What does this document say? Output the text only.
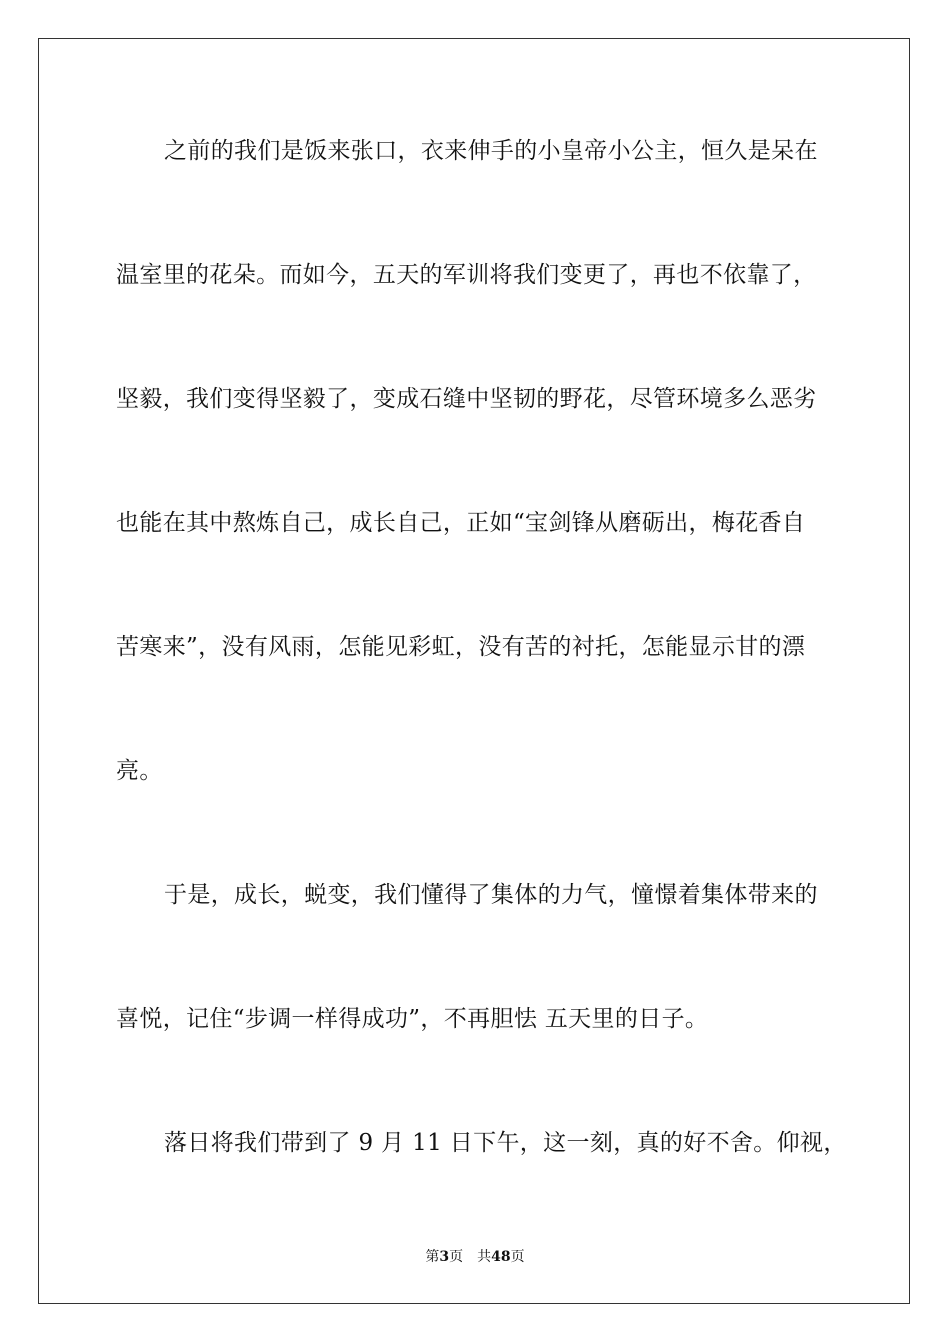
之前的我们是饭来张口，衣来伸手的小皇帝小公主，恒久是呆在
温室里的花朵。而如今，五天的军训将我们变更了，再也不依靠了，
坚毅，我们变得坚毅了，变成石缝中坚韧的野花，尽管环境多么恶劣
也能在其中熬炼自己，成长自己，正如“宝剑锋从磨砺出，梅花香自
苦寒来”，没有风雨，怎能见彩虹，没有苦的衬托，怎能显示甘的漂
亮。
于是，成长，蜕变，我们懂得了集体的力气，憧憬着集体带来的
喜悦，记住“步调一样得成功”，不再胆怯 五天里的日子。
落日将我们带到了 9 月 11 日下午，这一刻，真的好不舍。仰视，
第3页 共48页
